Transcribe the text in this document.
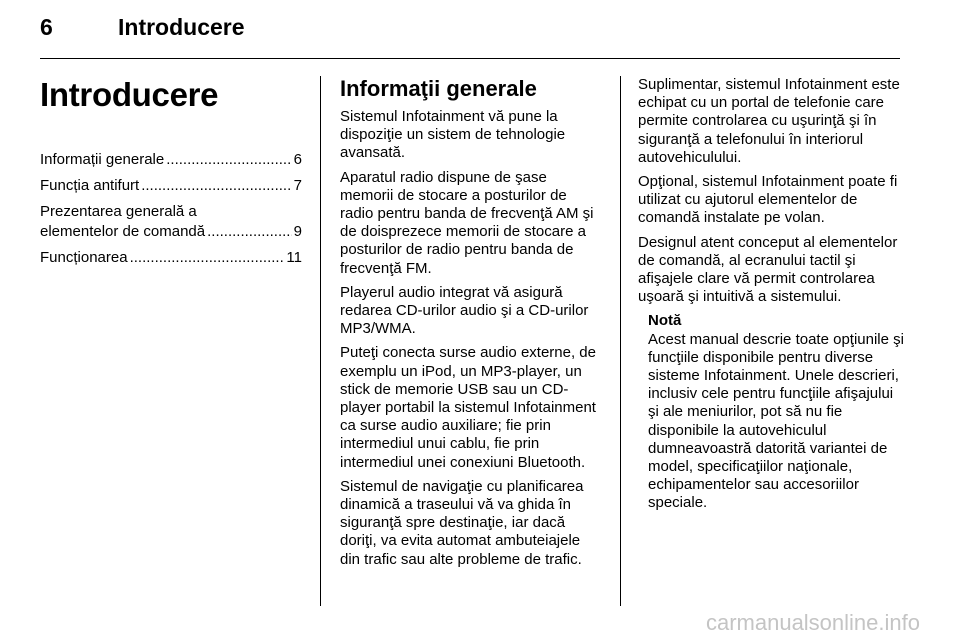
6	Introducere
Introducere
Informații generale .....	6
Funcția antifurt .....	7
Prezentarea generală a
elementelor de comandă .....	9
Funcționarea .....	11
Informaţii generale

Sistemul Infotainment vă pune la dispoziţie un sistem de tehnologie avansată.

Aparatul radio dispune de şase memorii de stocare a posturilor de radio pentru banda de frecvenţă AM şi de doisprezece memorii de stocare a posturilor de radio pentru banda de frecvenţă FM.

Playerul audio integrat vă asigură redarea CD-urilor audio şi a CD-urilor MP3/WMA.

Puteţi conecta surse audio externe, de exemplu un iPod, un MP3-player, un stick de memorie USB sau un CD-player portabil la sistemul Infotainment ca surse audio auxiliare; fie prin intermediul unui cablu, fie prin intermediul unei conexiuni Bluetooth.

Sistemul de navigaţie cu planificarea dinamică a traseului vă va ghida în siguranţă spre destinaţie, iar dacă doriţi, va evita automat ambuteiajele din trafic sau alte probleme de trafic.

Suplimentar, sistemul Infotainment este echipat cu un portal de telefonie care permite controlarea cu uşurinţă şi în siguranţă a telefonului în interiorul autovehiculului.

Opţional, sistemul Infotainment poate fi utilizat cu ajutorul elementelor de comandă instalate pe volan.

Designul atent conceput al elementelor de comandă, al ecranului tactil şi afişajele clare vă permit controlarea uşoară şi intuitivă a sistemului.

Notă
Acest manual descrie toate opţiunile şi funcţiile disponibile pentru diverse sisteme Infotainment. Unele descrieri, inclusiv cele pentru funcţiile afişajului şi ale meniurilor, pot să nu fie disponibile la autovehiculul dumneavoastră datorită variantei de model, specificaţiilor naţionale, echipamentelor sau accesoriilor speciale.
carmanualsonline.info
